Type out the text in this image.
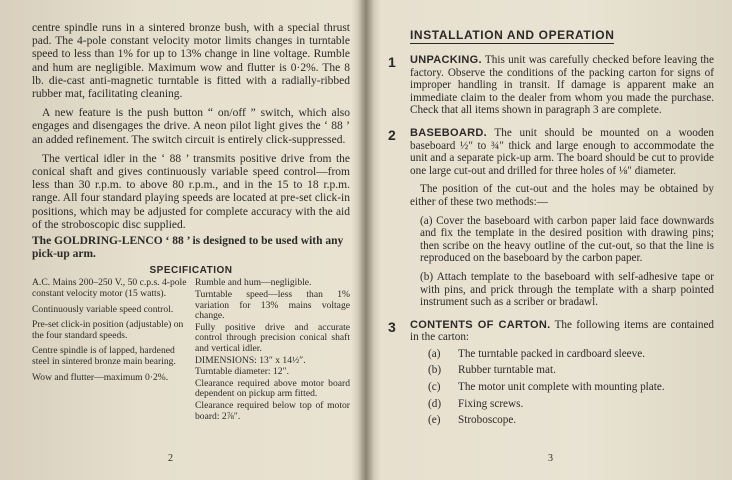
centre spindle runs in a sintered bronze bush, with a special thrust pad. The 4-pole constant velocity motor limits changes in turntable speed to less than 1% for up to 13% change in line voltage. Rumble and hum are negligible. Maximum wow and flutter is 0·2%. The 8 lb. die-cast anti-magnetic turntable is fitted with a radially-ribbed rubber mat, facilitating cleaning.

A new feature is the push button “ on/off ” switch, which also engages and disengages the drive. A neon pilot light gives the ‘ 88 ’ an added refinement. The switch circuit is entirely click-suppressed.

The vertical idler in the ‘ 88 ’ transmits positive drive from the conical shaft and gives continuously variable speed control—from less than 30 r.p.m. to above 80 r.p.m., and in the 15 to 18 r.p.m. range. All four standard playing speeds are located at pre-set click-in positions, which may be adjusted for complete accuracy with the aid of the stroboscopic disc supplied.

The GOLDRING-LENCO ‘ 88 ’ is designed to be used with any pick-up arm.

SPECIFICATION

A.C. Mains 200–250 V., 50 c.p.s. 4-pole constant velocity motor (15 watts).

Continuously variable speed control.

Pre-set click-in position (adjustable) on the four standard speeds.

Centre spindle is of lapped, hardened steel in sintered bronze main bearing.

Wow and flutter—maximum 0·2%.

Rumble and hum—negligible.

Turntable speed—less than 1% variation for 13% mains voltage change.

Fully positive drive and accurate control through precision conical shaft and vertical idler.

DIMENSIONS: 13″ x 14½″.

Turntable diameter: 12″.

Clearance required above motor board dependent on pickup arm fitted.

Clearance required below top of motor board: 2⅞″.

2
INSTALLATION AND OPERATION
1 UNPACKING. This unit was carefully checked before leaving the factory. Observe the conditions of the packing carton for signs of improper handling in transit. If damage is apparent make an immediate claim to the dealer from whom you made the purchase. Check that all items shown in paragraph 3 are complete.

2 BASEBOARD. The unit should be mounted on a wooden baseboard ½″ to ¾″ thick and large enough to accommodate the unit and a separate pick-up arm. The board should be cut to provide one large cut-out and drilled for three holes of ⅛″ diameter.

The position of the cut-out and the holes may be obtained by either of these two methods:—

(a) Cover the baseboard with carbon paper laid face downwards and fix the template in the desired position with drawing pins; then scribe on the heavy outline of the cut-out, so that the line is reproduced on the baseboard by the carbon paper.

(b) Attach template to the baseboard with self-adhesive tape or with pins, and prick through the template with a sharp pointed instrument such as a scriber or bradawl.

3 CONTENTS OF CARTON. The following items are contained in the carton:

(a)	The turntable packed in cardboard sleeve.
(b)	Rubber turntable mat.
(c)	The motor unit complete with mounting plate.
(d)	Fixing screws.
(e)	Stroboscope.
3
